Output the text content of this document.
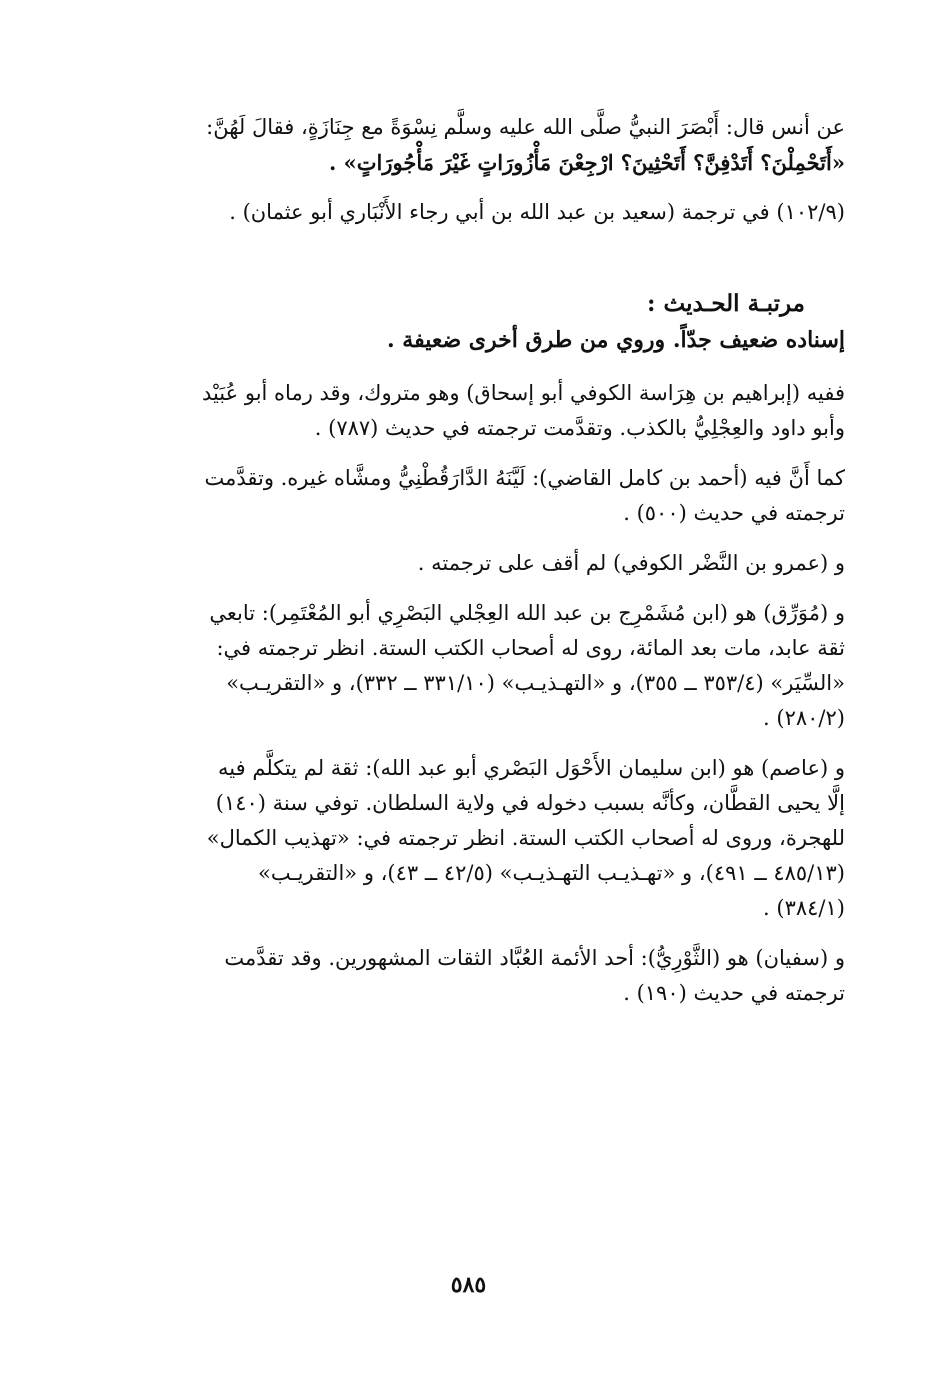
عن أنس قال: أَبْصَرَ النبيُّ صلَّى الله عليه وسلَّم نِسْوَةً مع جِنَازَةٍ، فقالَ لَهُنَّ:

«أَتَحْمِلْنَ؟ أَتَدْفِنَّ؟ أَتَحْثِينَ؟ ارْجِعْنَ مَأْزُورَاتٍ غَيْرَ مَأْجُورَاتٍ» .

(١٠٢/٩) في ترجمة (سعيد بن عبد الله بن أبي رجاء الأَنْبَاري أبو عثمان) .

مرتبـة الحـديث :
إسناده ضعيف جدّاً. وروي من طرق أخرى ضعيفة .

ففيه (إبراهيم بن هِرَاسة الكوفي أبو إسحاق) وهو متروك، وقد رماه أبو عُبَيْد

وأبو داود والعِجْلِيُّ بالكذب. وتقدَّمت ترجمته في حديث (٧٨٧) .

كما أَنَّ فيه (أحمد بن كامل القاضي): لَيَّنَهُ الدَّارَقُطْنِيُّ ومشَّاه غيره. وتقدَّمت

ترجمته في حديث (٥٠٠) .

و (عمرو بن النَّضْر الكوفي) لم أقف على ترجمته .

و (مُوَرِّق) هو (ابن مُشَمْرِج بن عبد الله العِجْلي البَصْرِي أبو المُعْتَمِر): تابعي

ثقة عابد، مات بعد المائة، روى له أصحاب الكتب الستة. انظر ترجمته في:

«السِّيَر» (٣٥٣/٤ ــ ٣٥٥)، و «التهـذيـب» (٣٣١/١٠ ــ ٣٣٢)، و «التقريـب»

(٢٨٠/٢) .

و (عاصم) هو (ابن سليمان الأَحْوَل البَصْري أبو عبد الله): ثقة لم يتكلَّم فيه

إلَّا يحيى القطَّان، وكأنَّه بسبب دخوله في ولاية السلطان. توفي سنة (١٤٠)

للهجرة، وروى له أصحاب الكتب الستة. انظر ترجمته في: «تهذيب الكمال»

(٤٨٥/١٣ ــ ٤٩١)، و «تهـذيـب التهـذيـب» (٤٢/٥ ــ ٤٣)، و «التقريـب»

(٣٨٤/١) .

و (سفيان) هو (الثَّوْرِيُّ): أحد الأئمة العُبَّاد الثقات المشهورين. وقد تقدَّمت

ترجمته في حديث (١٩٠) .

٥٨٥
